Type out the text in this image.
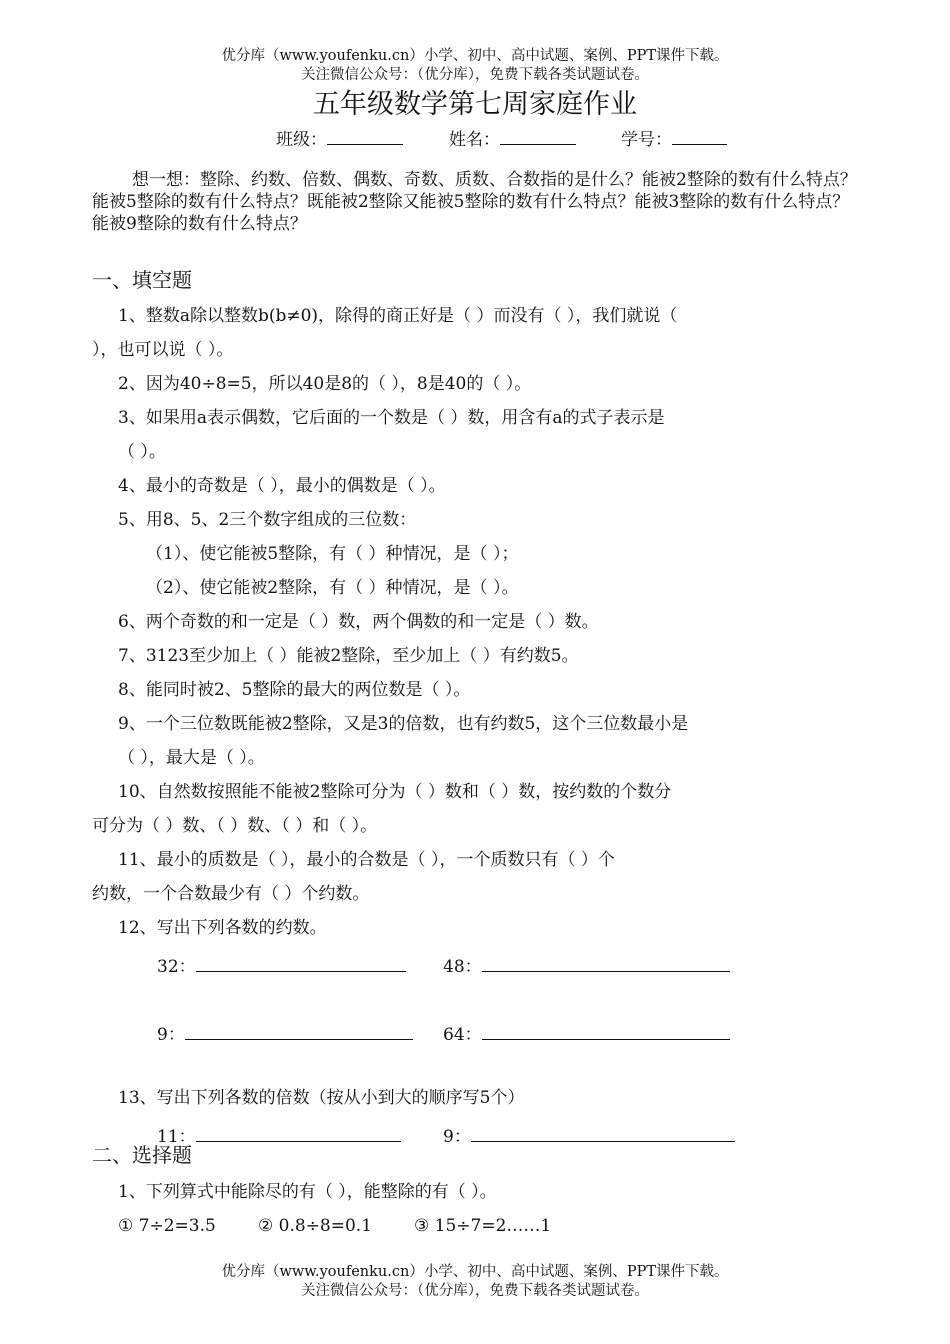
优分库（www.youfenku.cn）小学、初中、高中试题、案例、PPT课件下载。
关注微信公众号：（优分库），免费下载各类试题试卷。
五年级数学第七周家庭作业
班级：	姓名：	学号：
想一想：整除、约数、倍数、偶数、奇数、质数、合数指的是什么？能被2整除的数有什么特点？能被5整除的数有什么特点？既能被2整除又能被5整除的数有什么特点？能被3整除的数有什么特点？能被9整除的数有什么特点？
一、填空题
1、整数a除以整数b(b≠0)，除得的商正好是（ ）而没有（ ），我们就说（
），也可以说（ ）。
2、因为40÷8=5，所以40是8的（ ），8是40的（ ）。
3、如果用a表示偶数，它后面的一个数是（ ）数，用含有a的式子表示是
（ ）。
4、最小的奇数是（ ），最小的偶数是（ ）。
5、用8、5、2三个数字组成的三位数：
（1）、使它能被5整除，有（ ）种情况，是（ ）；
（2）、使它能被2整除，有（ ）种情况，是（ ）。
6、两个奇数的和一定是（ ）数，两个偶数的和一定是（ ）数。
7、3123至少加上（ ）能被2整除，至少加上（ ）有约数5。
8、能同时被2、5整除的最大的两位数是（ ）。
9、一个三位数既能被2整除，又是3的倍数，也有约数5，这个三位数最小是
（ ），最大是（ ）。
10、自然数按照能不能被2整除可分为（ ）数和（ ）数，按约数的个数分
可分为（ ）数、（ ）数、（ ）和（ ）。
11、最小的质数是（ ），最小的合数是（ ），一个质数只有（ ）个
约数，一个合数最少有（ ）个约数。
12、写出下列各数的约数。
32：	48：
9：	64：
13、写出下列各数的倍数（按从小到大的顺序写5个）
11：	9：
二、选择题
1、下列算式中能除尽的有（ ），能整除的有（ ）。
① 7÷2=3.5 ② 0.8÷8=0.1 ③ 15÷7=2……1
优分库（www.youfenku.cn）小学、初中、高中试题、案例、PPT课件下载。
关注微信公众号：（优分库），免费下载各类试题试卷。
